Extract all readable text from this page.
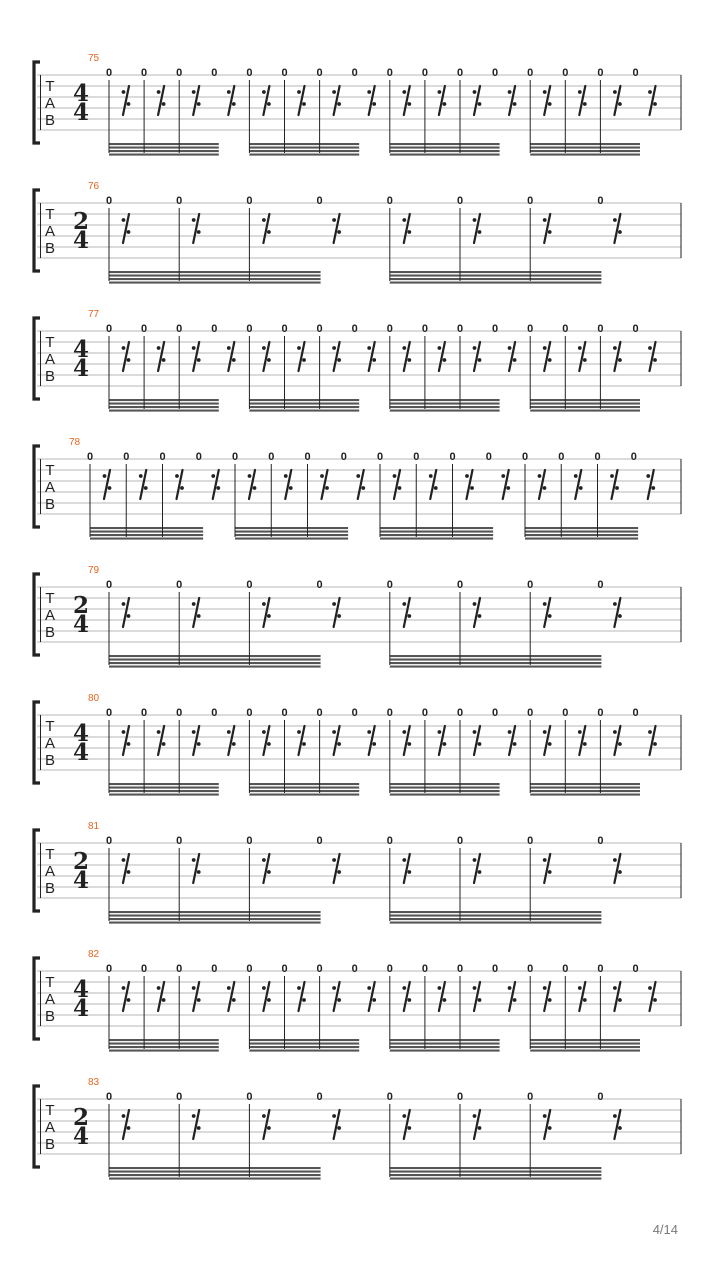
T
A
B
4
4
75
0	0	0	0	0	0	0	0	0	0	0	0	0	0	0	0
T
A
B
2
4
76
0	0	0	0	0	0	0	0
T
A
B
4
4
77
0	0	0	0	0	0	0	0	0	0	0	0	0	0	0	0
T
A
B
78
0	0	0	0	0	0	0	0	0	0	0	0	0	0	0	0
T
A
B
2
4
79
0	0	0	0	0	0	0	0
T
A
B
4
4
80
0	0	0	0	0	0	0	0	0	0	0	0	0	0	0	0
T
A
B
2
4
81
0	0	0	0	0	0	0	0
T
A
B
4
4
82
0	0	0	0	0	0	0	0	0	0	0	0	0	0	0	0
T
A
B
2
4
83
0	0	0	0	0	0	0	0
4/14
